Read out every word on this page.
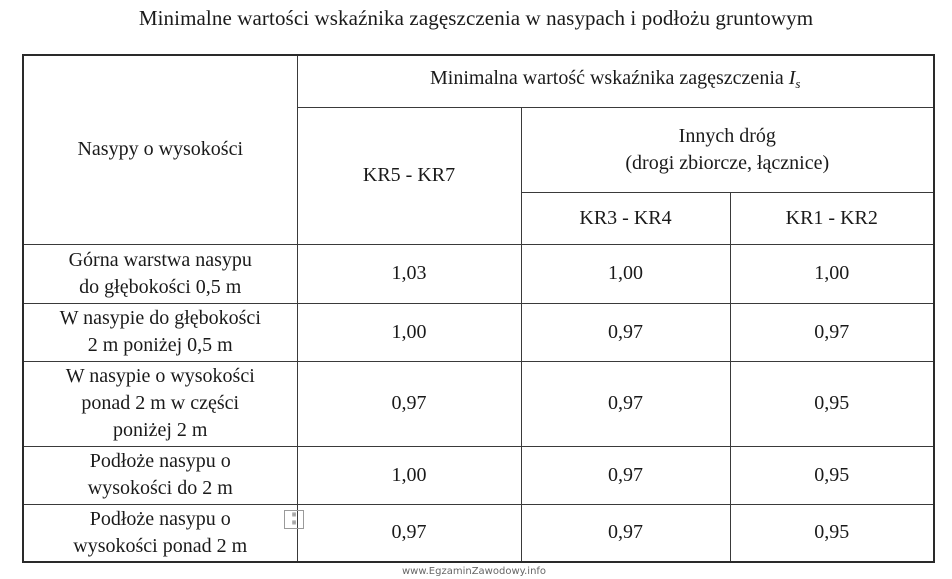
Minimalne wartości wskaźnika zagęszczenia w nasypach i podłożu gruntowym
Nasypy o wysokości	Minimalna wartość wskaźnika zagęszczenia $I_s$
	KR5 - KR7	Innych dróg
(drogi zbiorcze, łącznice)	

		KR3 - KR4	KR1 - KR2

Górna warstwa nasypu
do głębokości 0,5 m	1,03	1,00	1,00

W nasypie do głębokości
2 m poniżej 0,5 m	1,00	0,97	0,97

W nasypie o wysokości
ponad 2 m w części
poniżej 2 m	0,97	0,97	0,95

Podłoże nasypu o
wysokości do 2 m	1,00	0,97	0,95

Podłoże nasypu o
wysokości ponad 2 m	0,97	0,97	0,95
▦
▦
www.EgzaminZawodowy.info
